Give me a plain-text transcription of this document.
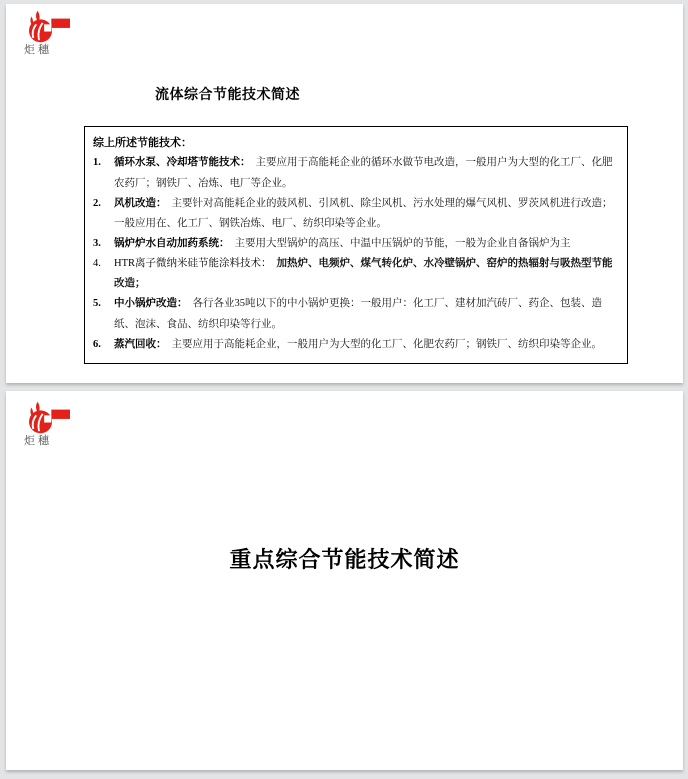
炬穗
流体综合节能技术简述
综上所述节能技术：
1.	循环水泵、冷却塔节能技术： 主要应用于高能耗企业的循环水做节电改造，一般用户为大型的化工厂、化肥农药厂；钢铁厂、冶炼、电厂等企业。
2.	风机改造： 主要针对高能耗企业的鼓风机、引风机、除尘风机、污水处理的爆气风机、罗茨风机进行改造；一般应用在、化工厂、钢铁冶炼、电厂、纺织印染等企业。
3.	锅炉炉水自动加药系统： 主要用大型锅炉的高压、中温中压锅炉的节能，一般为企业自备锅炉为主
4.	HTR离子微纳米硅节能涂料技术： 加热炉、电频炉、煤气转化炉、水冷壁锅炉、窑炉的热辐射与吸热型节能改造；
5.	中小锅炉改造： 各行各业35吨以下的中小锅炉更换：一般用户：化工厂、建材加汽砖厂、药企、包装、造纸、泡沫、食品、纺织印染等行业。
6.	蒸汽回收： 主要应用于高能耗企业，一般用户为大型的化工厂、化肥农药厂；钢铁厂、纺织印染等企业。
炬穗
重点综合节能技术简述
